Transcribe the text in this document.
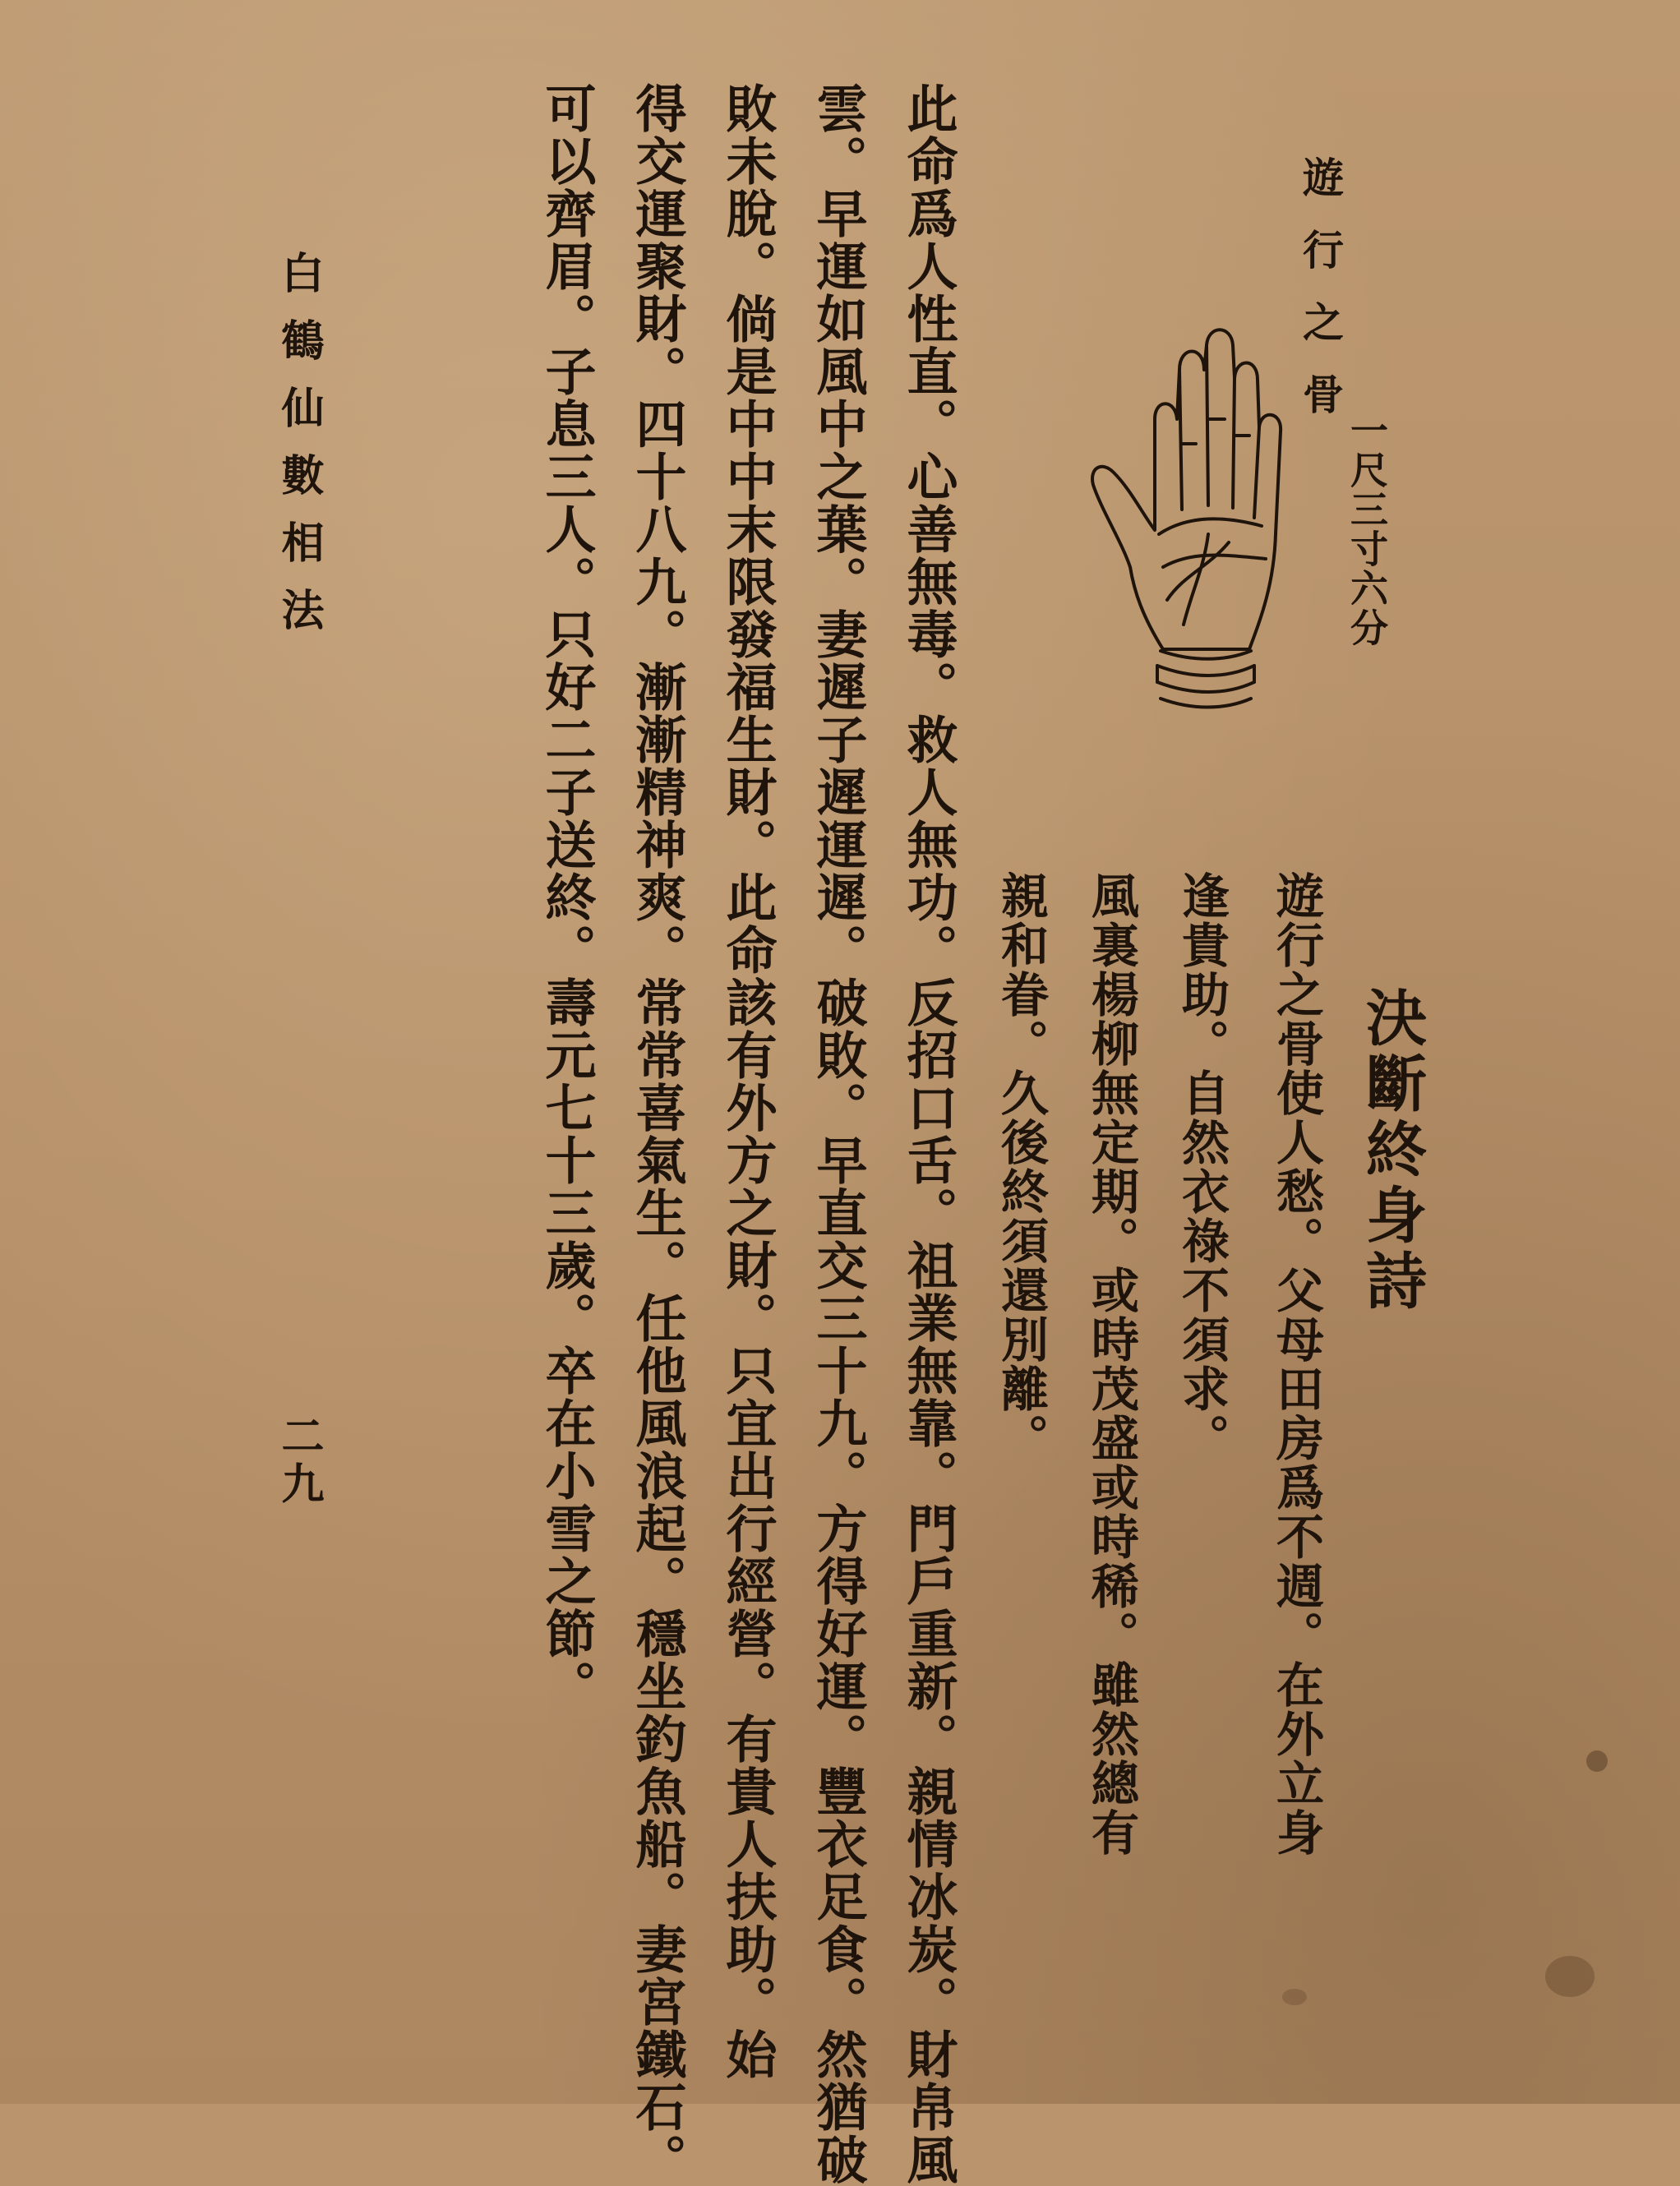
遊行之骨
一尺三寸六分
決斷終身詩
遊行之骨使人愁。父母田房爲不週。在外立身
逢貴助。自然衣祿不須求。
風裏楊柳無定期。或時茂盛或時稀。雖然總有
親和眷。久後終須還別離。
此命爲人性直。心善無毒。救人無功。反招口舌。祖業無靠。門戶重新。親情冰炭。財帛風
雲。早運如風中之葉。妻遲子遲運遲。破敗。早直交三十九。方得好運。豐衣足食。然猶破
敗未脫。倘是中中末限發福生財。此命該有外方之財。只宜出行經營。有貴人扶助。始
得交運聚財。四十八九。漸漸精神爽。常常喜氣生。任他風浪起。穩坐釣魚船。妻宮鐵石。
可以齊眉。子息三人。只好二子送終。壽元七十三歲。卒在小雪之節。
白鶴仙數相法
二九
